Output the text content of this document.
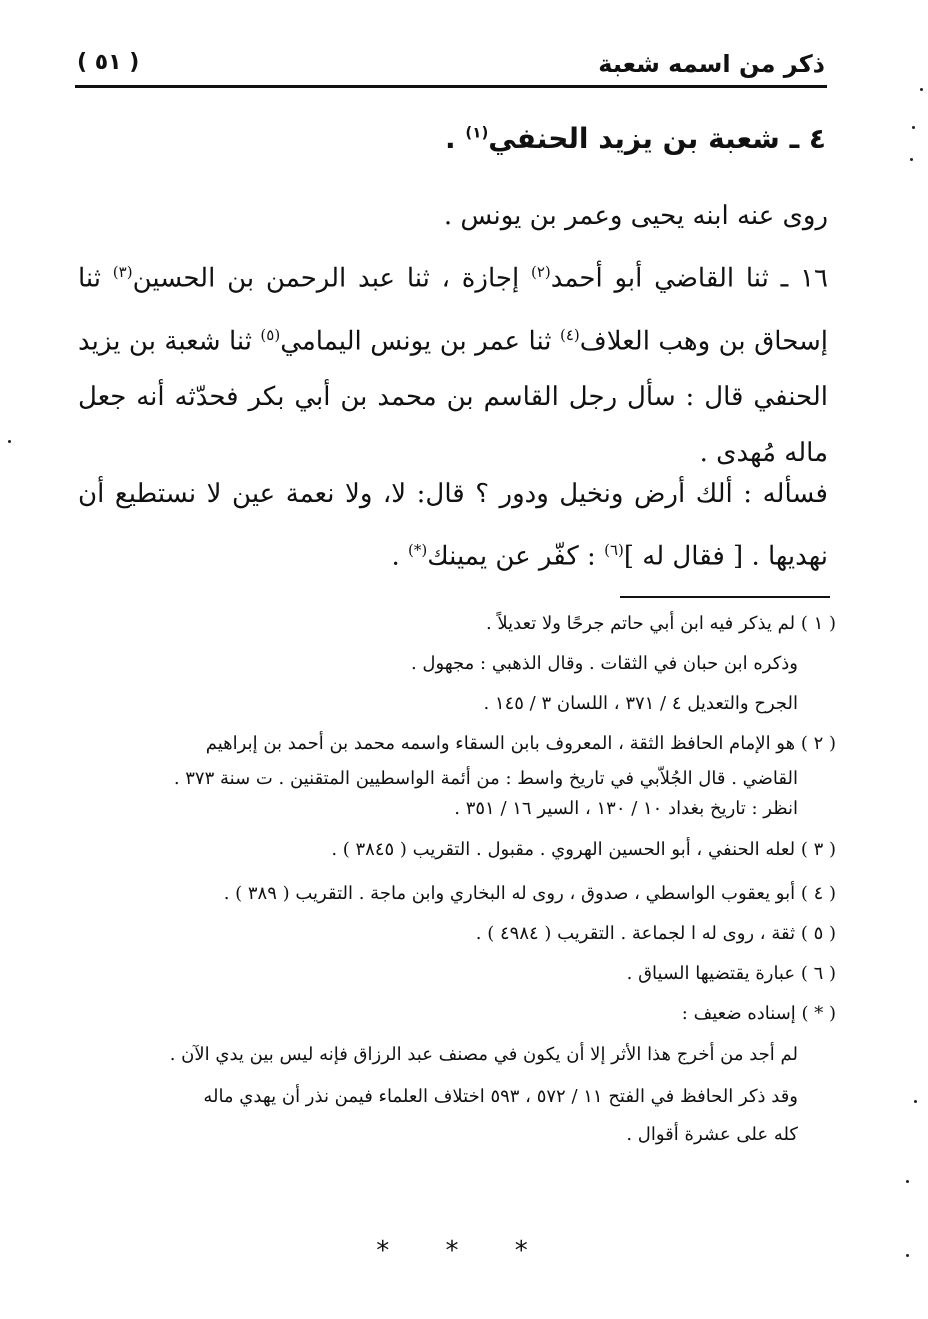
ذكر من اسمه شعبة
( ٥١ )
٤ ـ شعبة بن يزيد الحنفي$^{(١)}$ .
روى عنه ابنه يحيى وعمر بن يونس .
١٦ ـ ثنا القاضي أبو أحمد$^{(٢)}$ إجازة ، ثنا عبد الرحمن بن الحسين$^{(٣)}$ ثنا إسحاق بن وهب العلاف$^{(٤)}$ ثنا عمر بن يونس اليمامي$^{(٥)}$ ثنا شعبة بن يزيد الحنفي قال : سأل رجل القاسم بن محمد بن أبي بكر فحدّثه أنه جعل ماله مُهدى .
فسأله : ألك أرض ونخيل ودور ؟ قال: لا، ولا نعمة عين لا نستطيع أن نهديها . [ فقال له ]$^{(٦)}$ : كفّر عن يمينك(*) .
( ١ ) لم يذكر فيه ابن أبي حاتم جرحًا ولا تعديلاً .
وذكره ابن حبان في الثقات . وقال الذهبي : مجهول .
الجرح والتعديل ٤ / ٣٧١ ، اللسان ٣ / ١٤٥ .
( ٢ ) هو الإمام الحافظ الثقة ، المعروف بابن السقاء واسمه محمد بن أحمد بن إبراهيم
القاضي . قال الجُلاّبي في تاريخ واسط : من أئمة الواسطيين المتقنين . ت سنة ٣٧٣ .
انظر : تاريخ بغداد ١٠ / ١٣٠ ، السير ١٦ / ٣٥١ .
( ٣ ) لعله الحنفي ، أبو الحسين الهروي . مقبول . التقريب ( ٣٨٤٥ ) .
( ٤ ) أبو يعقوب الواسطي ، صدوق ، روى له البخاري وابن ماجة . التقريب ( ٣٨٩ ) .
( ٥ ) ثقة ، روى له ا لجماعة . التقريب ( ٤٩٨٤ ) .
( ٦ ) عبارة يقتضيها السياق .
( * ) إسناده ضعيف :
لم أجد من أخرج هذا الأثر إلا أن يكون في مصنف عبد الرزاق فإنه ليس بين يدي الآن .
وقد ذكر الحافظ في الفتح ١١ / ٥٧٢ ، ٥٩٣ اختلاف العلماء فيمن نذر أن يهدي ماله
كله على عشرة أقوال .
* * *
